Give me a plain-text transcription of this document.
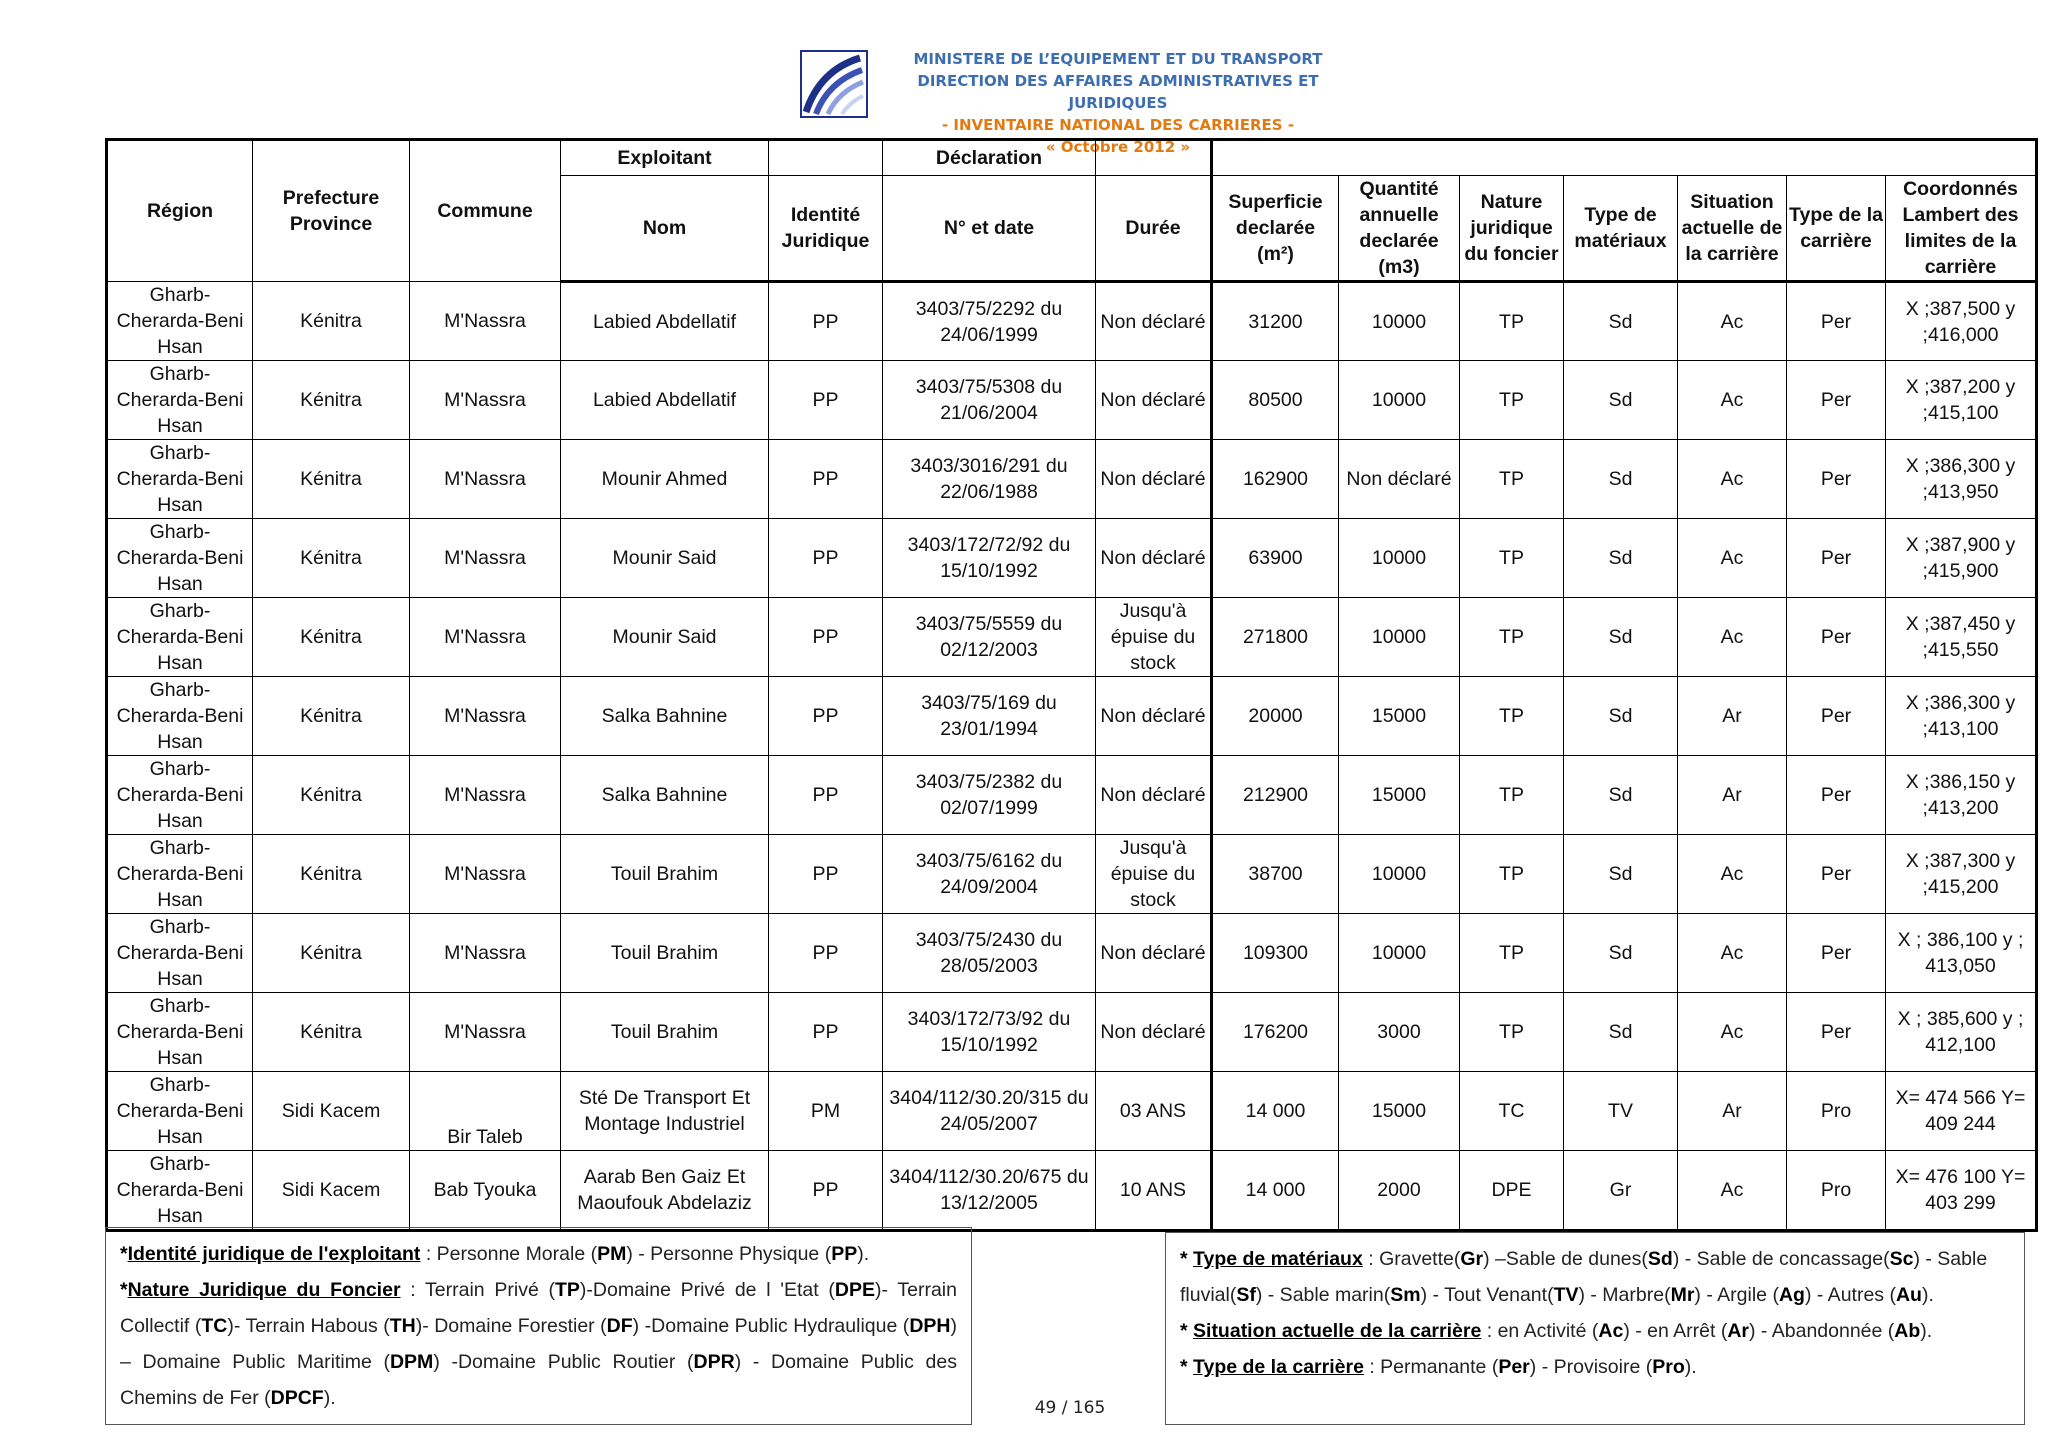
MINISTERE DE L’EQUIPEMENT ET DU TRANSPORT
DIRECTION DES AFFAIRES ADMINISTRATIVES ET JURIDIQUES
- INVENTAIRE NATIONAL DES CARRIERES -
« Octobre 2012 »
Région	Prefecture Province	Commune	Exploitant		Déclaration								
			Nom	Identité Juridique	N° et date	Durée	Superficie declarée (m²)	Quantité annuelle declarée (m3)	Nature juridique du foncier	Type de matériaux	Situation actuelle de la carrière	Type de la carrière	Coordonnés Lambert des limites de la carrière
Gharb-Cherarda-Beni Hsan	Kénitra	M'Nassra	Labied Abdellatif	PP	3403/75/2292 du 24/06/1999	Non déclaré	31200	10000	TP	Sd	Ac	Per	X ;387,500 y ;416,000
Gharb-Cherarda-Beni Hsan	Kénitra	M'Nassra	Labied Abdellatif	PP	3403/75/5308 du 21/06/2004	Non déclaré	80500	10000	TP	Sd	Ac	Per	X ;387,200 y ;415,100
Gharb-Cherarda-Beni Hsan	Kénitra	M'Nassra	Mounir Ahmed	PP	3403/3016/291 du 22/06/1988	Non déclaré	162900	Non déclaré	TP	Sd	Ac	Per	X ;386,300 y ;413,950
Gharb-Cherarda-Beni Hsan	Kénitra	M'Nassra	Mounir Said	PP	3403/172/72/92 du 15/10/1992	Non déclaré	63900	10000	TP	Sd	Ac	Per	X ;387,900 y ;415,900
Gharb-Cherarda-Beni Hsan	Kénitra	M'Nassra	Mounir Said	PP	3403/75/5559 du 02/12/2003	Jusqu'à épuise du stock	271800	10000	TP	Sd	Ac	Per	X ;387,450 y ;415,550
Gharb-Cherarda-Beni Hsan	Kénitra	M'Nassra	Salka Bahnine	PP	3403/75/169 du 23/01/1994	Non déclaré	20000	15000	TP	Sd	Ar	Per	X ;386,300 y ;413,100
Gharb-Cherarda-Beni Hsan	Kénitra	M'Nassra	Salka Bahnine	PP	3403/75/2382 du 02/07/1999	Non déclaré	212900	15000	TP	Sd	Ar	Per	X ;386,150 y ;413,200
Gharb-Cherarda-Beni Hsan	Kénitra	M'Nassra	Touil Brahim	PP	3403/75/6162 du 24/09/2004	Jusqu'à épuise du stock	38700	10000	TP	Sd	Ac	Per	X ;387,300 y ;415,200
Gharb-Cherarda-Beni Hsan	Kénitra	M'Nassra	Touil Brahim	PP	3403/75/2430 du 28/05/2003	Non déclaré	109300	10000	TP	Sd	Ac	Per	X ; 386,100 y ; 413,050
Gharb-Cherarda-Beni Hsan	Kénitra	M'Nassra	Touil Brahim	PP	3403/172/73/92 du 15/10/1992	Non déclaré	176200	3000	TP	Sd	Ac	Per	X ; 385,600 y ; 412,100
Gharb-Cherarda-Beni Hsan	Sidi Kacem	Bir Taleb	Sté De Transport Et Montage Industriel	PM	3404/112/30.20/315 du 24/05/2007	03 ANS	14 000	15000	TC	TV	Ar	Pro	X= 474 566 Y= 409 244
Gharb-Cherarda-Beni Hsan	Sidi Kacem	Bab Tyouka	Aarab Ben Gaiz Et Maoufouk Abdelaziz	PP	3404/112/30.20/675 du 13/12/2005	10 ANS	14 000	2000	DPE	Gr	Ac	Pro	X= 476 100 Y= 403 299

*Identité juridique de l'exploitant : Personne Morale (PM) - Personne Physique (PP).

*Nature Juridique du Foncier : Terrain Privé (TP)-Domaine Privé de l 'Etat (DPE)- Terrain Collectif (TC)- Terrain Habous (TH)- Domaine Forestier (DF) -Domaine Public Hydraulique (DPH) – Domaine Public Maritime (DPM) -Domaine Public Routier (DPR) - Domaine Public des Chemins de Fer (DPCF).

* Type de matériaux : Gravette(Gr) –Sable de dunes(Sd) - Sable de concassage(Sc) - Sable fluvial(Sf) - Sable marin(Sm) - Tout Venant(TV) - Marbre(Mr) - Argile (Ag) - Autres (Au).

* Situation actuelle de la carrière : en Activité (Ac) - en Arrêt (Ar) - Abandonnée (Ab).

* Type de la carrière : Permanante (Per) - Provisoire (Pro).

49 / 165
